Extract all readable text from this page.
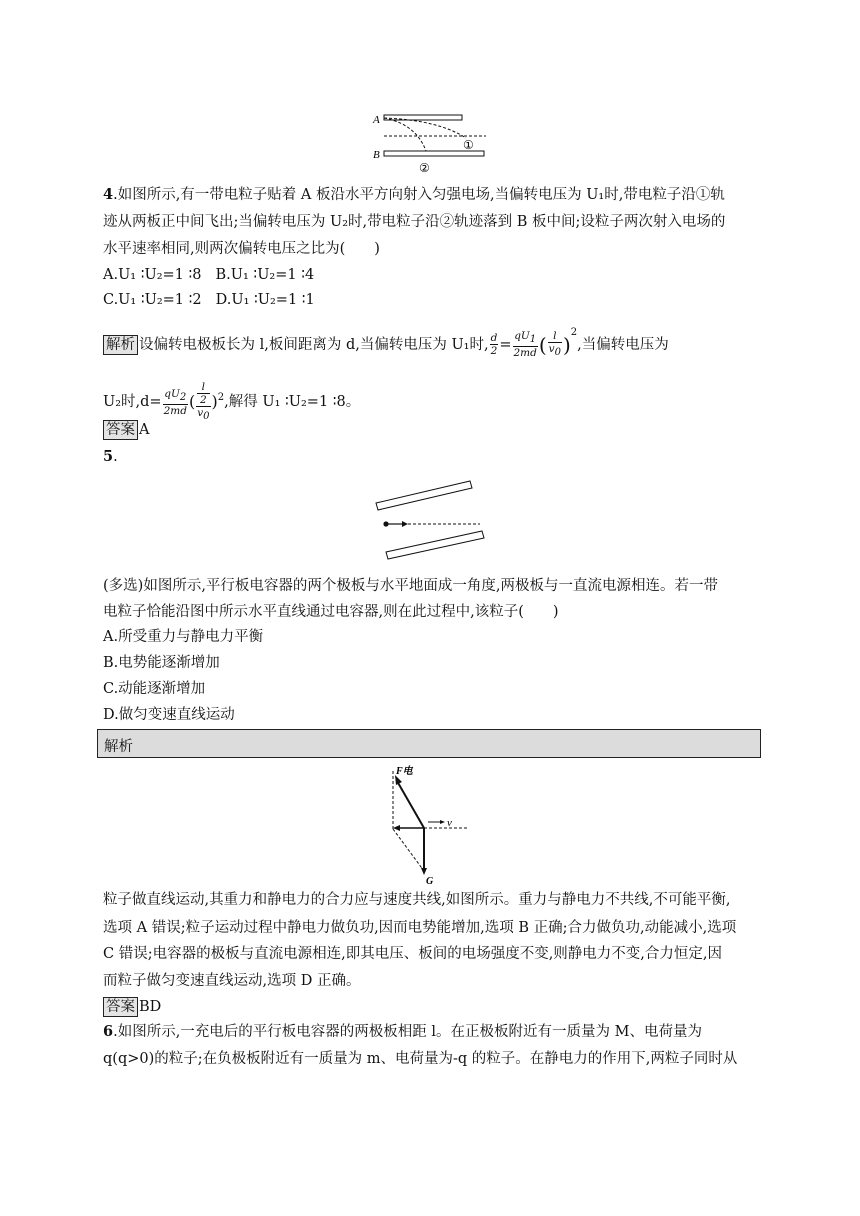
A
①
B
②
4.如图所示,有一带电粒子贴着 A 板沿水平方向射入匀强电场,当偏转电压为 U₁时,带电粒子沿①轨
迹从两板正中间飞出;当偏转电压为 U₂时,带电粒子沿②轨迹落到 B 板中间;设粒子两次射入电场的
水平速率相同,则两次偏转电压之比为(　　)
A.U₁ ∶U₂=1 ∶8 B.U₁ ∶U₂=1 ∶4
C.U₁ ∶U₂=1 ∶2 D.U₁ ∶U₂=1 ∶1
解析 设偏转电极板长为 l,板间距离为 d,当偏转电压为 U₁时, $\frac{d}{2} = \frac{qU_1}{2md}$ ( $\frac{l}{v_0} )^2$,当偏转电压为
U₂时$,d= \frac{qU_2}{2md}$ ( l
2
$v_0$ )$^2$,解得 U₁ ∶U₂=1 ∶8。
答案 A
5.
(多选)如图所示,平行板电容器的两个极板与水平地面成一角度,两极板与一直流电源相连。若一带
电粒子恰能沿图中所示水平直线通过电容器,则在此过程中,该粒子(　　)
A.所受重力与静电力平衡
B.电势能逐渐增加
C.动能逐渐增加
D.做匀变速直线运动
解析
F电
v
G
粒子做直线运动,其重力和静电力的合力应与速度共线,如图所示。重力与静电力不共线,不可能平衡,
选项 A 错误;粒子运动过程中静电力做负功,因而电势能增加,选项 B 正确;合力做负功,动能减小,选项
C 错误;电容器的极板与直流电源相连,即其电压、板间的电场强度不变,则静电力不变,合力恒定,因
而粒子做匀变速直线运动,选项 D 正确。
答案 BD
6.如图所示,一充电后的平行板电容器的两极板相距 l。在正极板附近有一质量为 M、电荷量为
q(q>0)的粒子;在负极板附近有一质量为 m、电荷量为-q 的粒子。在静电力的作用下,两粒子同时从
